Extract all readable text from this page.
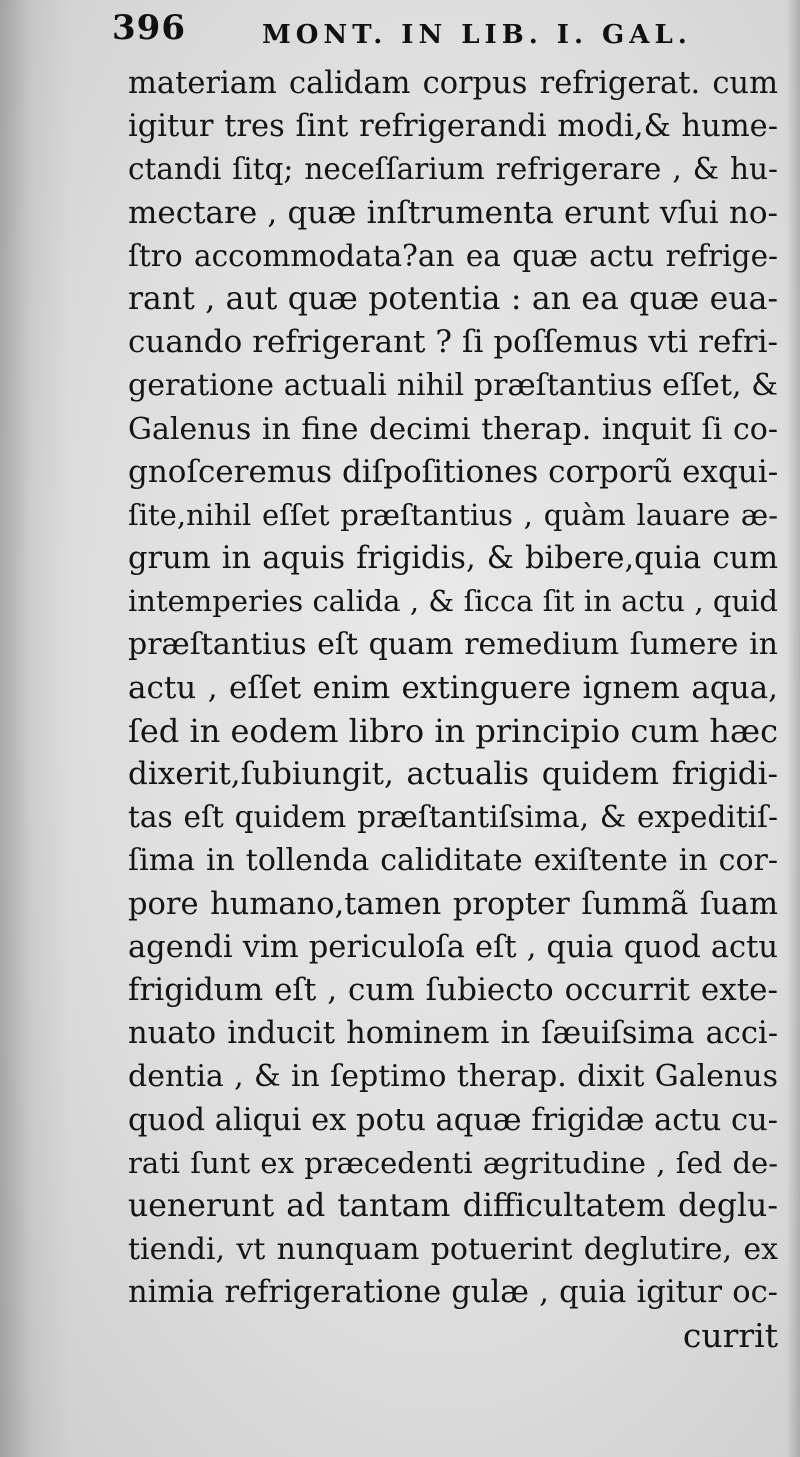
396	MONT. IN LIB. I. GAL.
materiam calidam corpus refrigerat. cum
igitur tres ſint refrigerandi modi,& hume-
ctandi ſitq; neceſſarium refrigerare , & hu-
mectare , quæ inſtrumenta erunt vſui no-
ſtro accommodata?an ea quæ actu refrige-
rant , aut quæ potentia : an ea quæ eua-
cuando refrigerant ? ſi poſſemus vti refri-
geratione actuali nihil præſtantius eſſet, &
Galenus in fine decimi therap. inquit ſi co-
gnoſceremus diſpoſitiones corporũ exqui-
ſite,nihil eſſet præſtantius , quàm lauare æ-
grum in aquis frigidis, & bibere,quia cum
intemperies calida , & ſicca ſit in actu , quid
præſtantius eſt quam remedium ſumere in
actu , eſſet enim extinguere ignem aqua,
ſed in eodem libro in principio cum hæc
dixerit,ſubiungit, actualis quidem frigidi-
tas eſt quidem præſtantiſsima, & expeditiſ-
ſima in tollenda caliditate exiſtente in cor-
pore humano,tamen propter ſummã ſuam
agendi vim periculoſa eſt , quia quod actu
frigidum eſt , cum ſubiecto occurrit exte-
nuato inducit hominem in ſæuiſsima acci-
dentia , & in ſeptimo therap. dixit Galenus
quod aliqui ex potu aquæ frigidæ actu cu-
rati ſunt ex præcedenti ægritudine , ſed de-
uenerunt ad tantam difficultatem deglu-
tiendi, vt nunquam potuerint deglutire, ex
nimia refrigeratione gulæ , quia igitur oc-
currit
